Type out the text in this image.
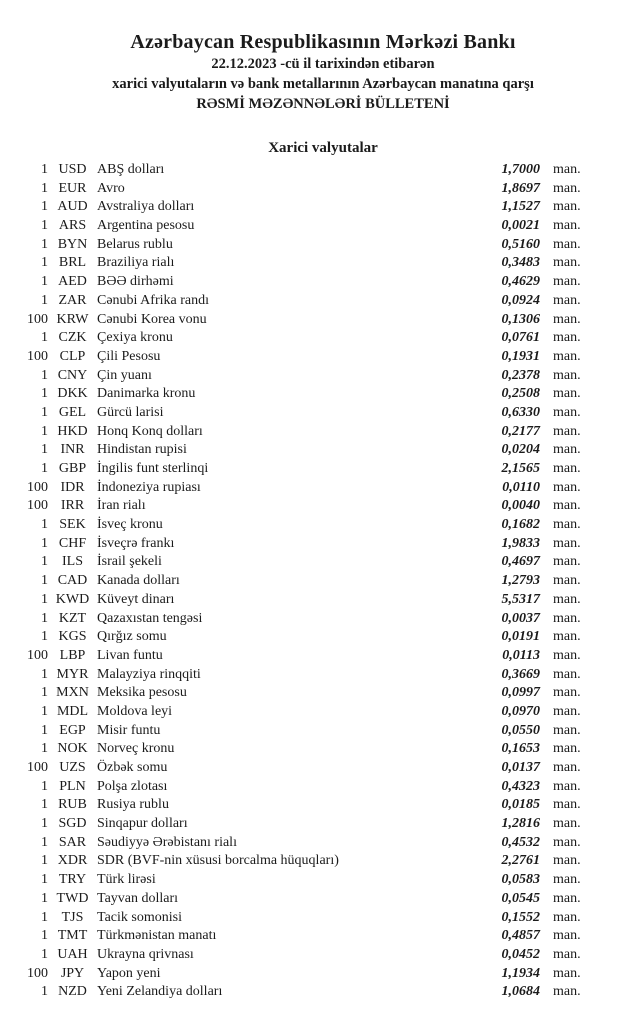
Azərbaycan Respublikasının Mərkəzi Bankı
22.12.2023 -cü il tarixindən etibarən
xarici valyutaların və bank metallarının Azərbaycan manatına qarşı
RƏSMİ MƏZƏNNƏLƏRİ BÜLLETENİ
Xarici valyutalar
1 USD ABŞ dolları	1,7000 man.
1 EUR Avro	1,8697 man.
1 AUD Avstraliya dolları	1,1527 man.
1 ARS Argentina pesosu	0,0021 man.
1 BYN Belarus rublu	0,5160 man.
1 BRL Braziliya rialı	0,3483 man.
1 AED BƏƏ dirhəmi	0,4629 man.
1 ZAR Cənubi Afrika randı	0,0924 man.
100 KRW Cənubi Korea vonu	0,1306 man.
1 CZK Çexiya kronu	0,0761 man.
100 CLP Çili Pesosu	0,1931 man.
1 CNY Çin yuanı	0,2378 man.
1 DKK Danimarka kronu	0,2508 man.
1 GEL Gürcü larisi	0,6330 man.
1 HKD Honq Konq dolları	0,2177 man.
1 INR Hindistan rupisi	0,0204 man.
1 GBP İngilis funt sterlinqi	2,1565 man.
100 IDR İndoneziya rupiası	0,0110 man.
100 IRR İran rialı	0,0040 man.
1 SEK İsveç kronu	0,1682 man.
1 CHF İsveçrə frankı	1,9833 man.
1	ILS	İsrail şekeli	0,4697 man.
1 CAD Kanada dolları	1,2793 man.
1 KWD Küveyt dinarı	5,5317 man.
1 KZT Qazaxıstan tengəsi	0,0037 man.
1 KGS Qırğız somu	0,0191 man.
100 LBP Livan funtu	0,0113 man.
1 MYR Malayziya rinqqiti	0,3669 man.
1 MXN Meksika pesosu	0,0997 man.
1 MDL Moldova leyi	0,0970 man.
1 EGP Misir funtu	0,0550 man.
1 NOK Norveç kronu	0,1653 man.
100 UZS Özbək somu	0,0137 man.
1 PLN Polşa zlotası	0,4323 man.
1 RUB Rusiya rublu	0,0185 man.
1 SGD Sinqapur dolları	1,2816 man.
1 SAR Səudiyyə Ərəbistanı rialı	0,4532 man.
1 XDR SDR (BVF-nin xüsusi borcalma hüquqları)	2,2761 man.
1 TRY Türk lirəsi	0,0583 man.
1 TWD Tayvan dolları	0,0545 man.
1 TJS Tacik somonisi	0,1552 man.
1 TMT Türkmənistan manatı	0,4857 man.
1 UAH Ukrayna qrivnası	0,0452 man.
100 JPY Yapon yeni	1,1934 man.
1 NZD Yeni Zelandiya dolları	1,0684 man.
